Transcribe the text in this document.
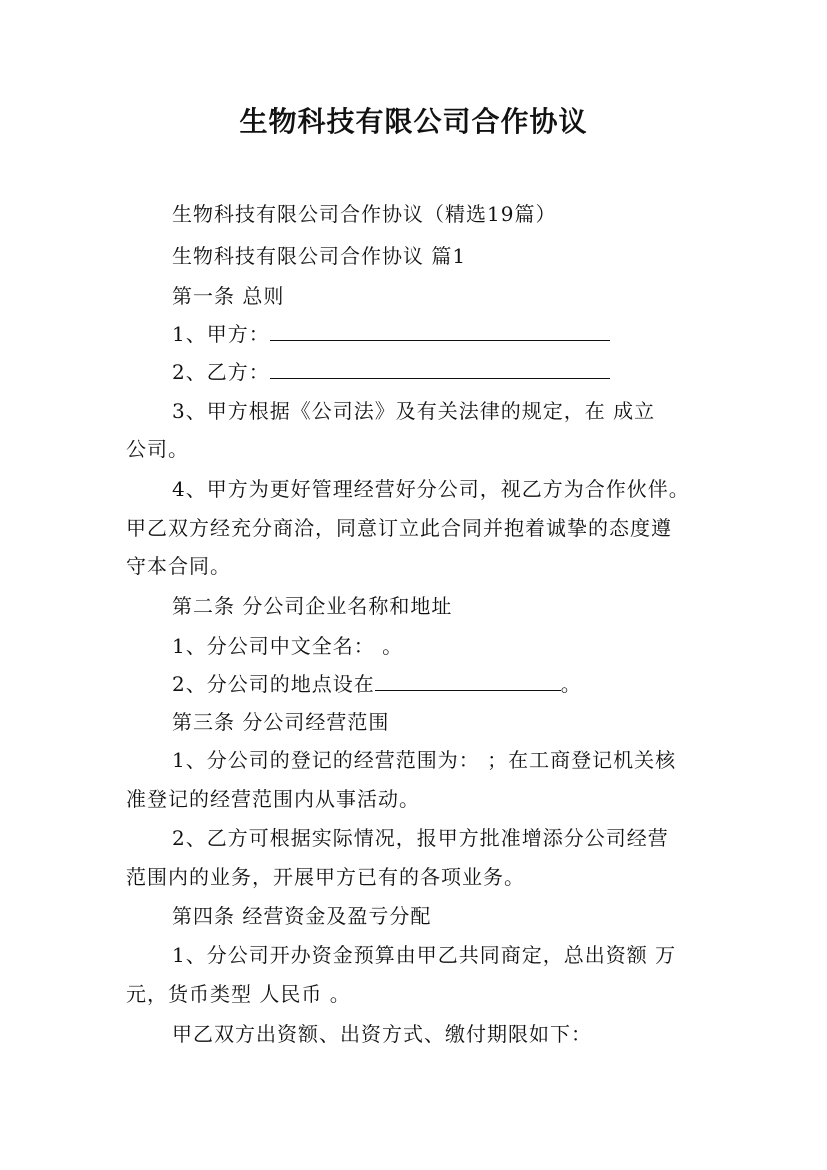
生物科技有限公司合作协议
生物科技有限公司合作协议（精选19篇）
生物科技有限公司合作协议 篇1
第一条 总则
1、甲方：
2、乙方：
3、甲方根据《公司法》及有关法律的规定，在 成立
公司。
4、甲方为更好管理经营好分公司，视乙方为合作伙伴。
甲乙双方经充分商洽，同意订立此合同并抱着诚挚的态度遵
守本合同。
第二条 分公司企业名称和地址
1、分公司中文全名： 。
2、分公司的地点设在	。
第三条 分公司经营范围
1、分公司的登记的经营范围为： ；在工商登记机关核
准登记的经营范围内从事活动。
2、乙方可根据实际情况，报甲方批准增添分公司经营
范围内的业务，开展甲方已有的各项业务。
第四条 经营资金及盈亏分配
1、分公司开办资金预算由甲乙共同商定，总出资额 万
元，货币类型 人民币 。
甲乙双方出资额、出资方式、缴付期限如下：
